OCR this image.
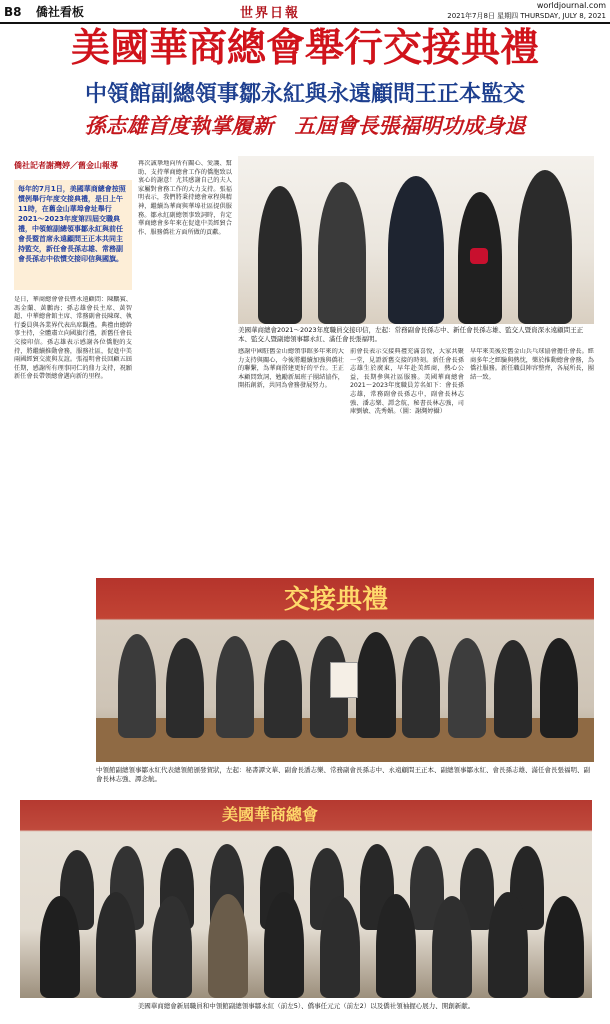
B8 僑社看板	世界日報
worldjournal.com
2021年7月8日 星期四 THURSDAY, JULY 8, 2021
美國華商總會舉行交接典禮
中領館副總領事鄒永紅與永遠顧問王正本監交
孫志雄首度執掌履新　五屆會長張福明功成身退
僑社記者謝灣婷／舊金山報導
每年的7月1日，美國華商總會按照慣例舉行年度交接典禮，是日上午11時，在舊金山華埠會址舉行2021～2023年度第四屆交職典禮，中領館副總領事鄒永紅與前任會長暨首席永遠顧問王正本共同主持監交，新任會長孫志雄、常務副會長孫志中依慣交接印信與國旗。
是日，華商總會會長暨永遠顧問：陳鵬賓、馮金蘭、黃鵬海；孫志雄會長主席、黃智超、中華總會館主席、常務副會長陳琛、執行委員與各業界代表出席觀禮。典禮由總幹事主持，全體肅立向國旗行禮，新舊任會長交接印信。孫志雄表示感謝各位僑胞的支持，將繼續推動會務，服務社區，促進中美兩國經貿交流與友誼。張福明會長回顧五屆任期，感謝所有理事同仁的鼎力支持，祝願新任會長帶領總會邁向新的里程。
再次誠摯地向所有關心、愛護、幫助、支持華商總會工作的僑胞致以衷心的謝意！尤其感謝自己的夫人家屬對會務工作的大力支持。張福明表示，我們將秉持總會章程與精神，繼續為華商與華埠社區提供服務。鄒永紅副總領事致詞時，肯定華商總會多年來在促進中美經貿合作、服務僑社方面所做的貢獻。
感謝中國駐舊金山總領事館多年來的大力支持與關心，今後將繼續加強與僑社的聯繫，為華商搭建更好的平台。王正本顧問致詞，勉勵新屆班子團結協作，開拓創新，共同為會務發展努力。
前會長表示交接典禮充滿喜悅，大家共聚一堂，見證新舊交接的時刻。新任會長孫志雄生於廣東，早年赴美經商，熱心公益，長期參與社區服務。美國華商總會2021～2023年度職員芳名如下：會長孫志雄，常務副會長孫志中，副會長林志強、潘志樂、譚念航，秘書長林志強，司庫劉敏、冼秀媚。（圖：謝灣婷攝）
早年來美後於舊金山兵乓球協會擔任會長。經商多年之經驗與熱忱，樂於推動總會會務，為僑社服務。新任職員陣容整齊，各展所長，團結一致。
美國華商總會2021～2023年度職員交接印信，左起：常務副會長孫志中、新任會長孫志雄、監交人暨資深永遠顧問王正本、監交人暨副總領事鄒永紅、滿任會長張福明。
交接典禮
中領館副總領事鄒永紅代表總領館頒發賀狀，左起：秘書譚文華、副會長潘志樂、常務副會長孫志中、永遠顧問王正本、副總領事鄒永紅、會長孫志雄、滿任會長張福明、副會長林志強、譚念航。
美國華商總會
美國華商總會新屆職員和中領館副總領事鄒永紅（前左5）、僑事任元元（前左2）以及僑社領袖握心展力、開創新献。
